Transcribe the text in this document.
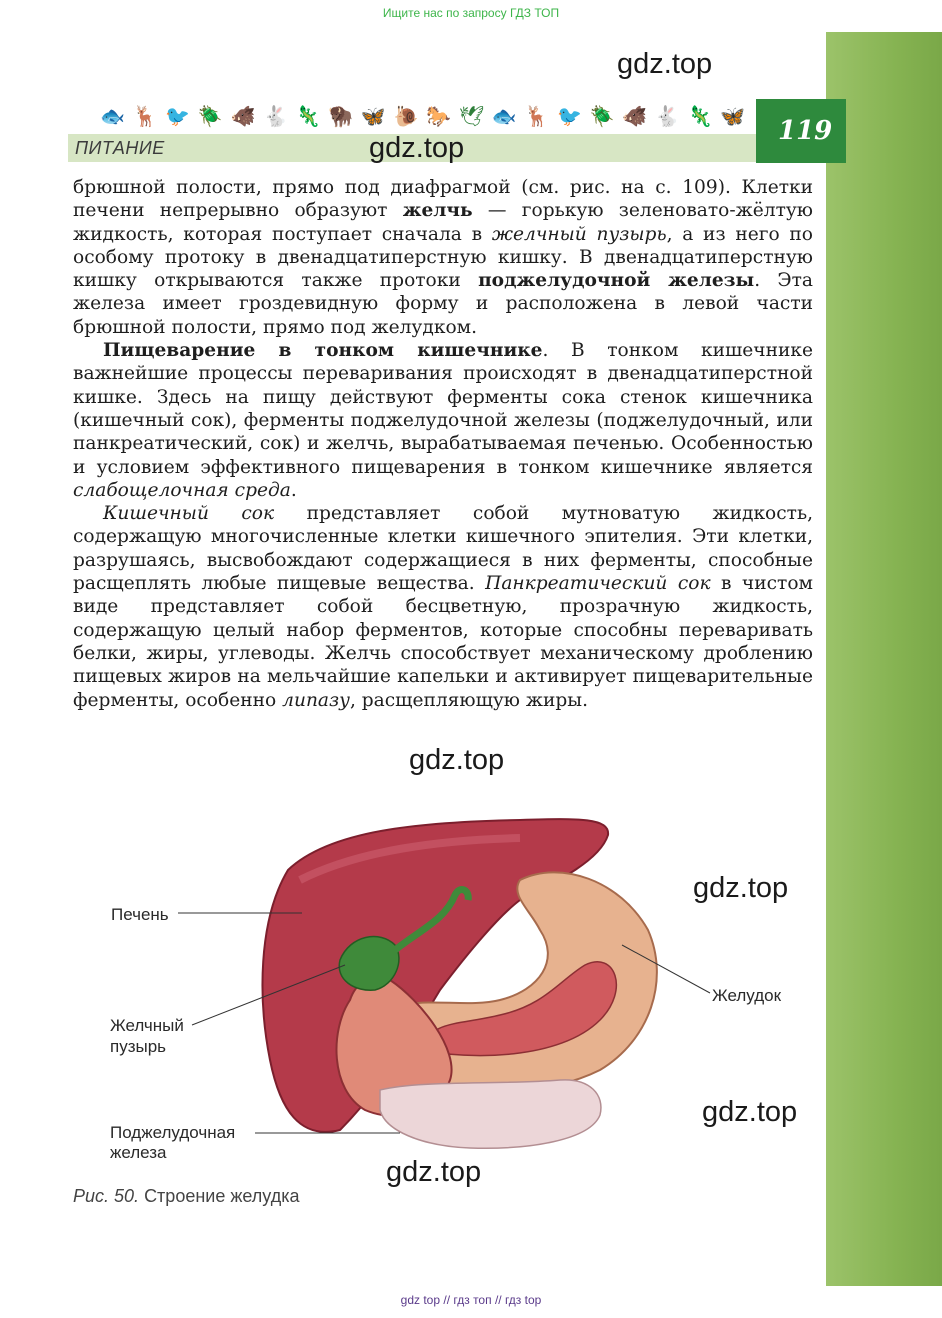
Ищите нас по запросу ГДЗ ТОП
🐟 🦌 🐦 🪲 🐗 🐇 🦎 🦬 🦋 🐌 🐎 🕊 🐟 🦌 🐦 🪲 🐗 🐇 🦎 🦋
ПИТАНИЕ
119
gdz.top
gdz.top

брюшной полости, прямо под диафрагмой (см. рис. на с. 109). Клетки печени непрерывно образуют желчь — горькую зеленовато-жёлтую жидкость, которая поступает сначала в желчный пузырь, а из него по особому протоку в двенадцатиперстную кишку. В двенадцатиперстную кишку открываются также протоки поджелудочной железы. Эта железа имеет гроздевидную форму и расположена в левой части брюшной полости, прямо под желудком.

Пищеварение в тонком кишечнике. В тонком кишечнике важнейшие процессы переваривания происходят в двенадцатиперстной кишке. Здесь на пищу действуют ферменты сока стенок кишечника (кишечный сок), ферменты поджелудочной железы (поджелудочный, или панкреатический, сок) и желчь, вырабатываемая печенью. Особенностью и условием эффективного пищеварения в тонком кишечнике является слабощелочная среда.

Кишечный сок представляет собой мутноватую жидкость, содержащую многочисленные клетки кишечного эпителия. Эти клетки, разрушаясь, высвобождают содержащиеся в них ферменты, способные расщеплять любые пищевые вещества. Панкреатический сок в чистом виде представляет собой бесцветную, прозрачную жидкость, содержащую целый набор ферментов, которые способны переваривать белки, жиры, углеводы. Желчь способствует механическому дроблению пищевых жиров на мельчайшие капельки и активирует пищеварительные ферменты, особенно липазу, расщепляющую жиры.

gdz.top
Печень
Желчный
пузырь
Поджелудочная
железа
Желудок
gdz.top
gdz.top
gdz.top
Рис. 50. Строение желудка
gdz top // гдз топ // гдз top
